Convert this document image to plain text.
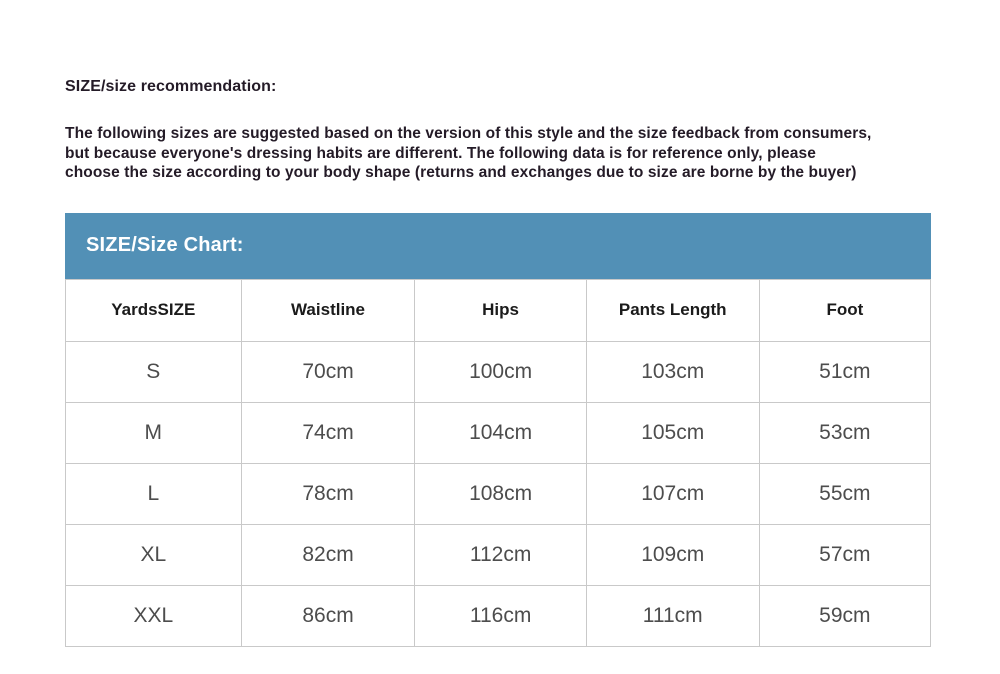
SIZE/size recommendation:
The following sizes are suggested based on the version of this style and the size feedback from consumers,
but because everyone's dressing habits are different. The following data is for reference only, please
choose the size according to your body shape (returns and exchanges due to size are borne by the buyer)
SIZE/Size Chart:
YardsSIZE	Waistline	Hips	Pants Length	Foot
S	70cm	100cm	103cm	51cm
M	74cm	104cm	105cm	53cm
L	78cm	108cm	107cm	55cm
XL	82cm	112cm	109cm	57cm
XXL	86cm	116cm	111cm	59cm
